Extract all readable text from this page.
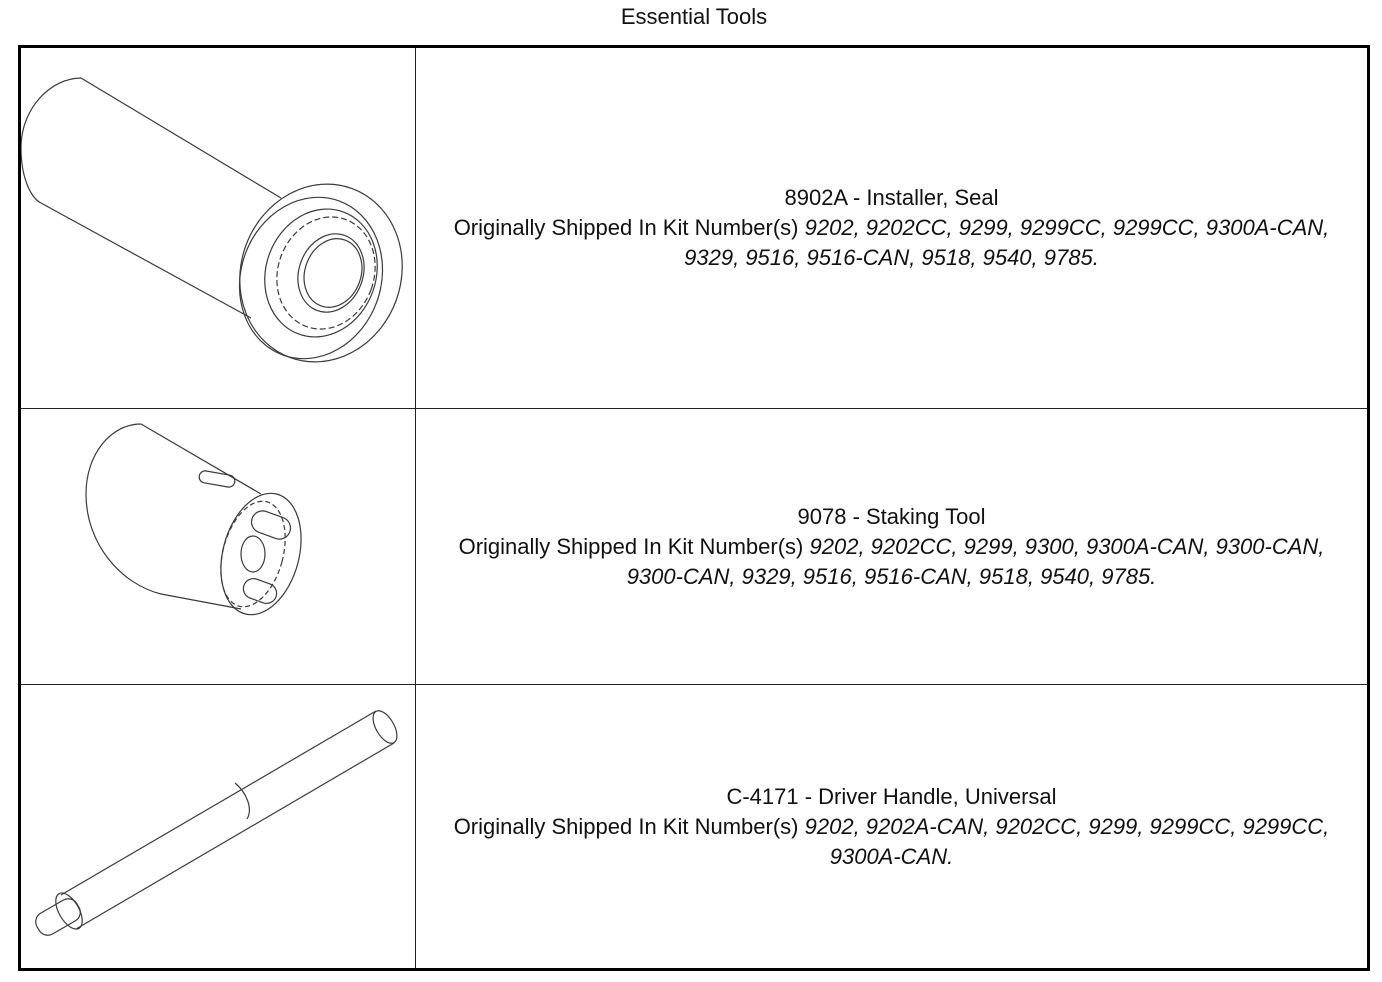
Essential Tools
8902A - Installer, Seal
Originally Shipped In Kit Number(s) 9202, 9202CC, 9299, 9299CC, 9299CC, 9300A-CAN, 9329, 9516, 9516-CAN, 9518, 9540, 9785.
9078 - Staking Tool
Originally Shipped In Kit Number(s) 9202, 9202CC, 9299, 9300, 9300A-CAN, 9300-CAN, 9300-CAN, 9329, 9516, 9516-CAN, 9518, 9540, 9785.
C-4171 - Driver Handle, Universal
Originally Shipped In Kit Number(s) 9202, 9202A-CAN, 9202CC, 9299, 9299CC, 9299CC, 9300A-CAN.
